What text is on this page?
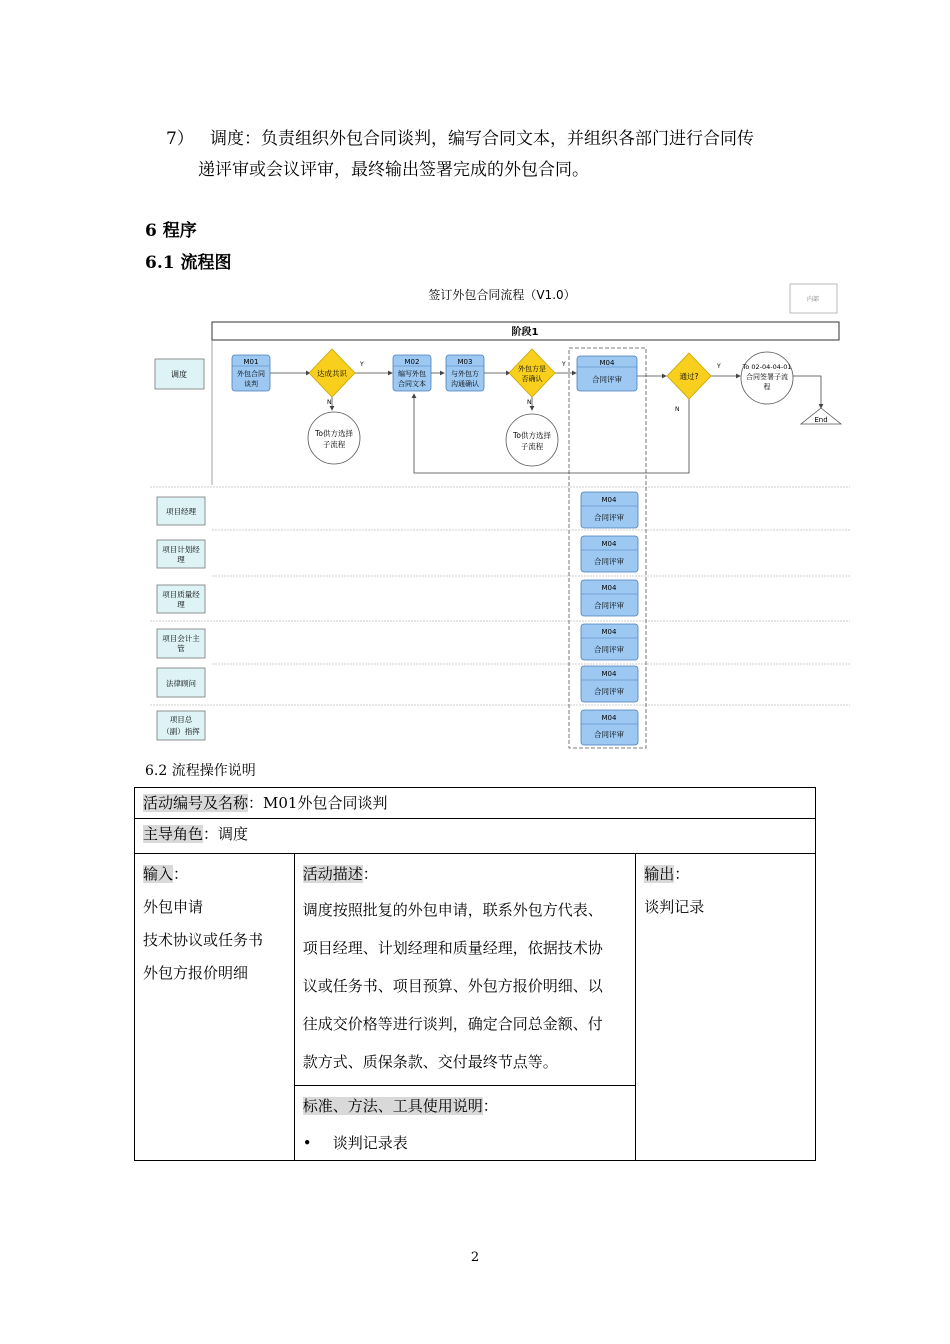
7） 调度：负责组织外包合同谈判，编写合同文本，并组织各部门进行合同传
递评审或会议评审，最终输出签署完成的外包合同。
6 程序
6.1 流程图
签订外包合同流程（V1.0）	内部
阶段1
调度
项目经理
项目计划经
理
项目质量经
理
项目会计主
管
法律顾问
项目总
（副）指挥
M01
外包合同
谈判
达成共识
Y
N
To供方选择
子流程
M02
编写外包
合同文本
M03
与外包方
沟通确认
外包方是
否确认
Y
N
To供方选择
子流程
M04
合同评审	通过?
Y
N
To 02-04-04-01
合同签署子流
程
End
M04
合同评审
M04
合同评审
M04
合同评审
M04
合同评审
M04
合同评审
M04
合同评审
6.2 流程操作说明
活动编号及名称：M01外包合同谈判
主导角色：调度

输入：
外包申请
技术协议或任务书
外包方报价明细

活动描述：
调度按照批复的外包申请，联系外包方代表、
项目经理、计划经理和质量经理，依据技术协
议或任务书、项目预算、外包方报价明细、以
往成交价格等进行谈判，确定合同总金额、付
款方式、质保条款、交付最终节点等。

输出：
谈判记录

标准、方法、工具使用说明：
• 谈判记录表
2
